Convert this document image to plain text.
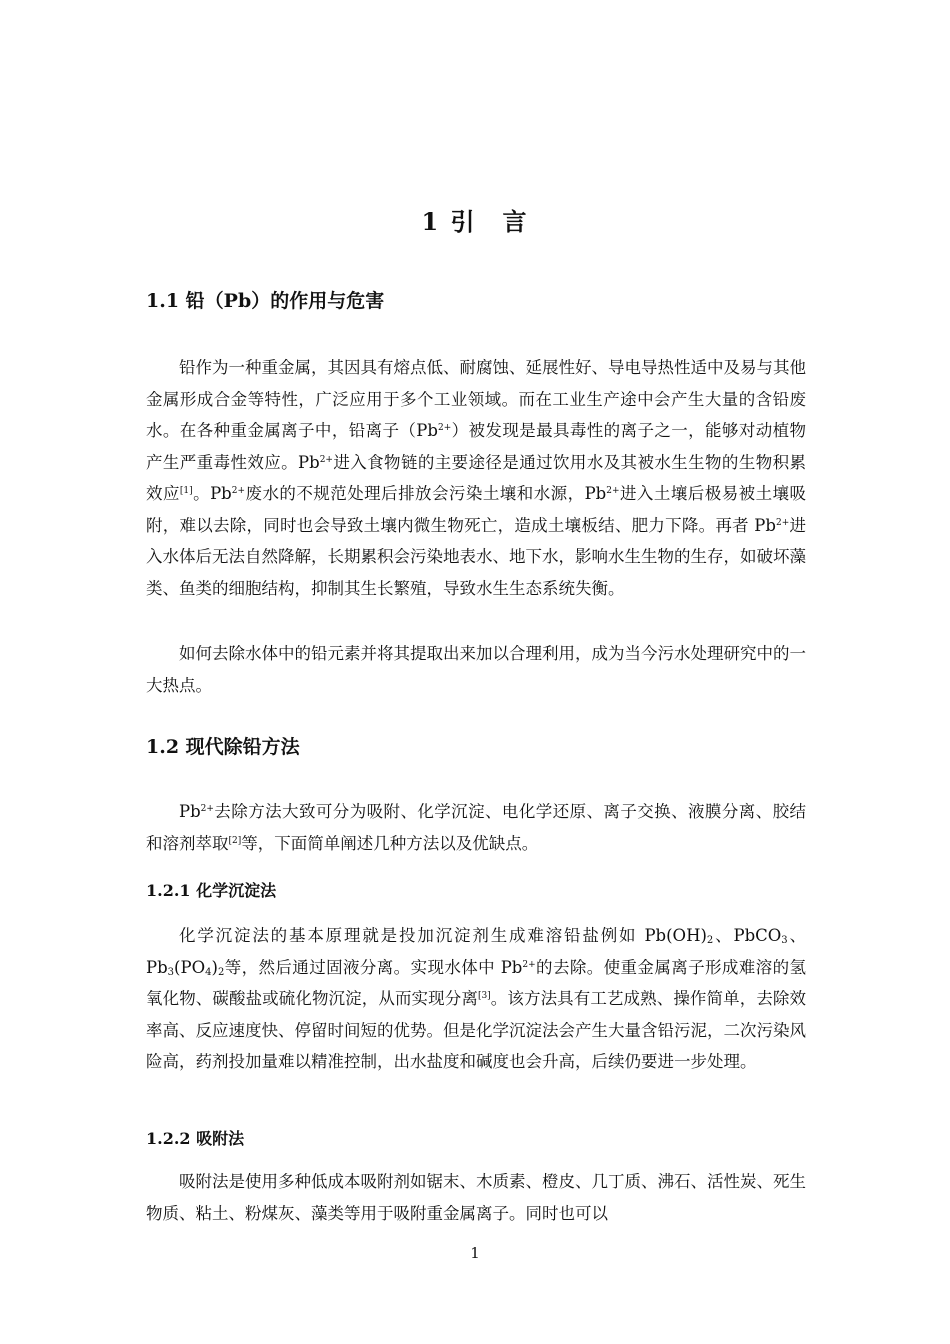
1 引　言
1.1 铅（Pb）的作用与危害

铅作为一种重金属，其因具有熔点低、耐腐蚀、延展性好、导电导热性适中及易与其他金属形成合金等特性，广泛应用于多个工业领域。而在工业生产途中会产生大量的含铅废水。在各种重金属离子中，铅离子$(Pb^{2+})$被发现是最具毒性的离子之一，能够对动植物产生严重毒性效应。$Pb^{2+}$进入食物链的主要途径是通过饮用水及其被水生生物的生物积累效应[1]。$Pb^{2+}$废水的不规范处理后排放会污染土壤和水源，$Pb^{2+}$进入土壤后极易被土壤吸附，难以去除，同时也会导致土壤内微生物死亡，造成土壤板结、肥力下降。再者 $Pb^{2+}$进入水体后无法自然降解，长期累积会污染地表水、地下水，影响水生生物的生存，如破坏藻类、鱼类的细胞结构，抑制其生长繁殖，导致水生生态系统失衡。

如何去除水体中的铅元素并将其提取出来加以合理利用，成为当今污水处理研究中的一大热点。

1.2 现代除铅方法

$Pb^{2+}$去除方法大致可分为吸附、化学沉淀、电化学还原、离子交换、液膜分离、胶结和溶剂萃取[2]等，下面简单阐述几种方法以及优缺点。

1.2.1 化学沉淀法

化学沉淀法的基本原理就是投加沉淀剂生成难溶铅盐例如 $Pb(OH)_2$、PbCO$_3$、$Pb_3(PO_4)_2$等，然后通过固液分离。实现水体中 $Pb^{2+}$的去除。使重金属离子形成难溶的氢氧化物、碳酸盐或硫化物沉淀，从而实现分离[3]。该方法具有工艺成熟、操作简单，去除效率高、反应速度快、停留时间短的优势。但是化学沉淀法会产生大量含铅污泥，二次污染风险高，药剂投加量难以精准控制，出水盐度和碱度也会升高，后续仍要进一步处理。

1.2.2 吸附法

吸附法是使用多种低成本吸附剂如锯末、木质素、橙皮、几丁质、沸石、活性炭、死生物质、粘土、粉煤灰、藻类等用于吸附重金属离子。同时也可以

1
